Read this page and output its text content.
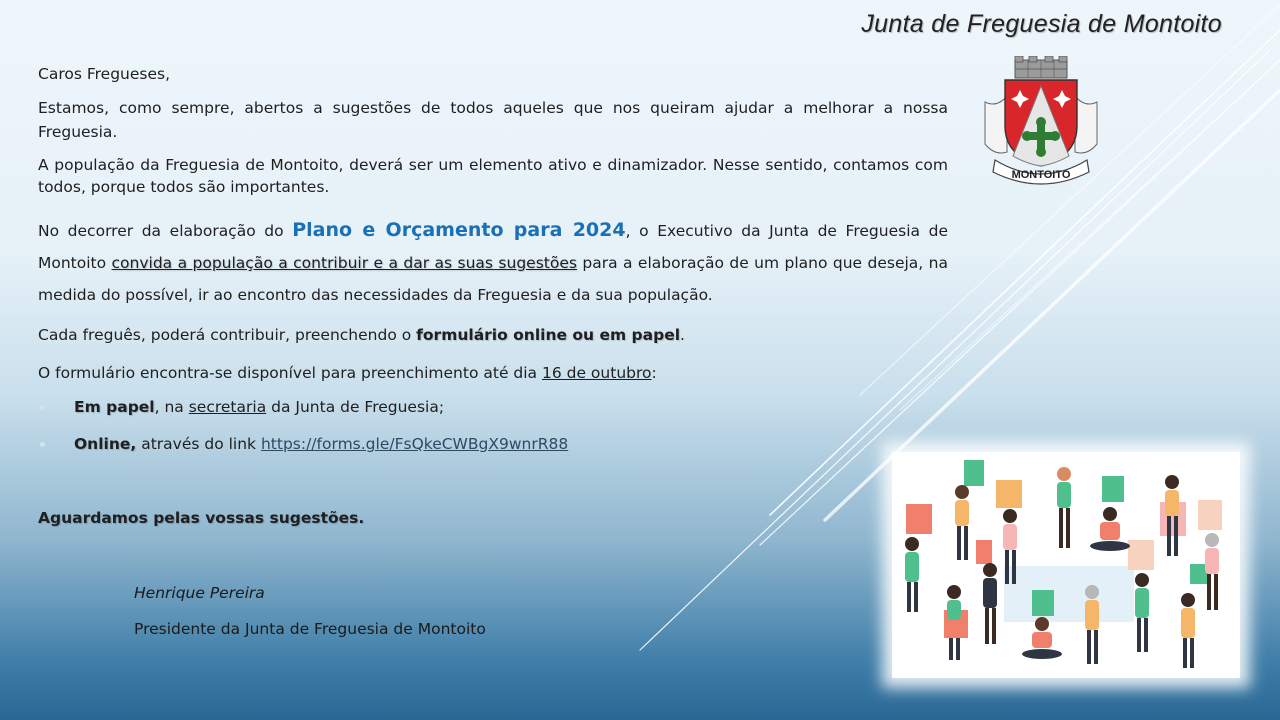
Junta de Freguesia de Montoito

Caros Fregueses,

Estamos, como sempre, abertos a sugestões de todos aqueles que nos queiram ajudar a melhorar a nossa Freguesia.

A população da Freguesia de Montoito, deverá ser um elemento ativo e dinamizador. Nesse sentido, contamos com todos, porque todos são importantes.

No decorrer da elaboração do Plano e Orçamento para 2024, o Executivo da Junta de Freguesia de Montoito convida a população a contribuir e a dar as suas sugestões para a elaboração de um plano que deseja, na medida do possível, ir ao encontro das necessidades da Freguesia e da sua população.

Cada freguês, poderá contribuir, preenchendo o formulário online ou em papel.

O formulário encontra-se disponível para preenchimento até dia 16 de outubro:

Em papel, na secretaria da Junta de Freguesia;
Online, através do link https://forms.gle/FsQkeCWBgX9wnrR88
Aguardamos pelas vossas sugestões.
Henrique Pereira
Presidente da Junta de Freguesia de Montoito
MONTOITO
